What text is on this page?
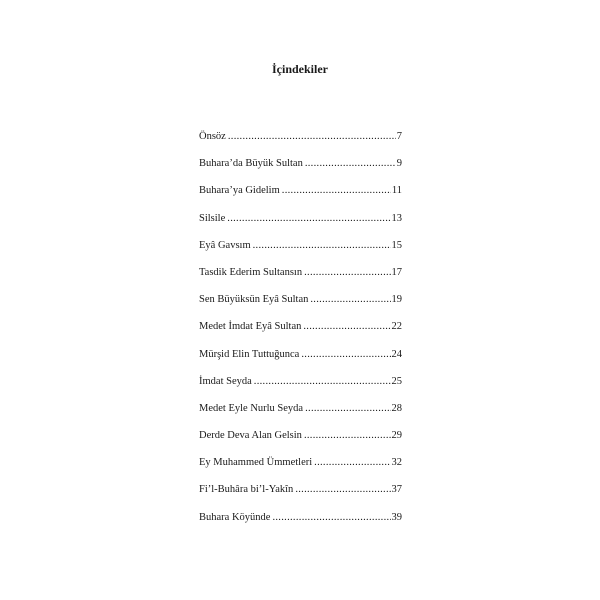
İçindekiler
Önsöz .....	7
Buhara’da Büyük Sultan .....	9
Buhara’ya Gidelim .....	11
Silsile .....	13
Eyâ Gavsım .....	15
Tasdik Ederim Sultansın .....	17
Sen Büyüksün Eyâ Sultan .....	19
Medet İmdat Eyâ Sultan .....	22
Mürşid Elin Tuttuğunca .....	24
İmdat Seyda .....	25
Medet Eyle Nurlu Seyda .....	28
Derde Deva Alan Gelsin .....	29
Ey Muhammed Ümmetleri .....	32
Fi’l-Buhâra bi’l-Yakîn .....	37
Buhara Köyünde .....	39
